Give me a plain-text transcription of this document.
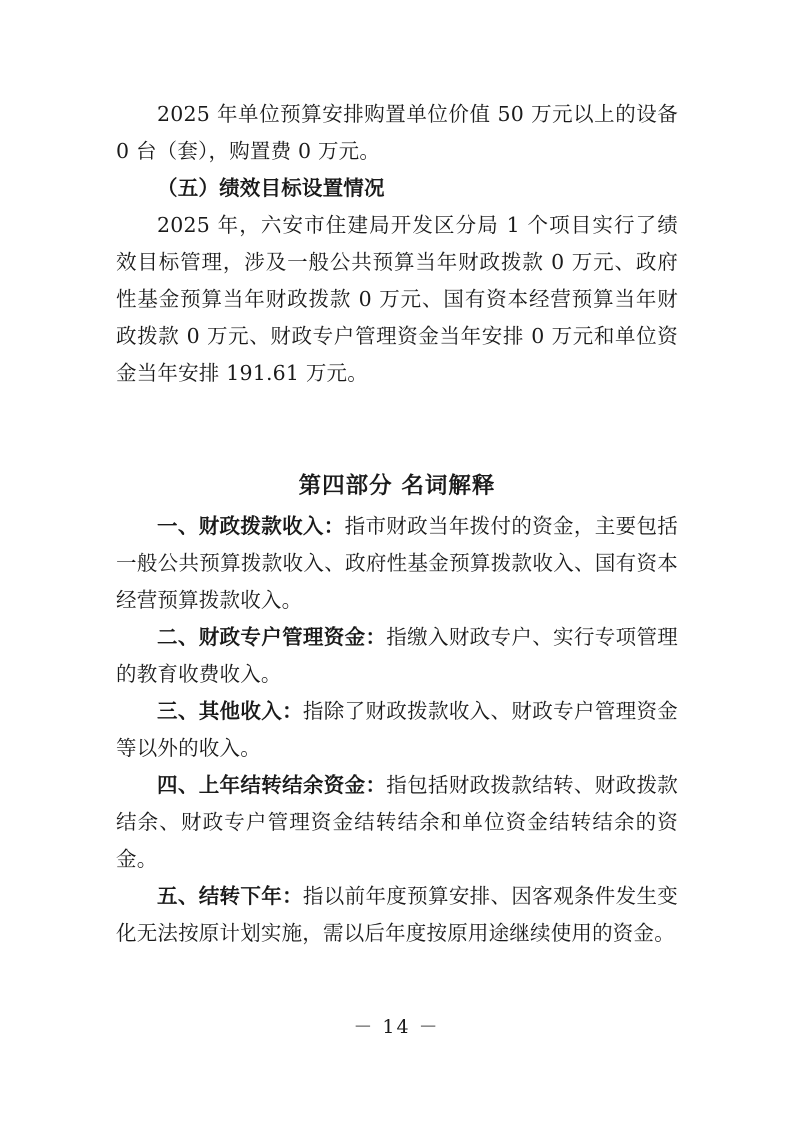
2025 年单位预算安排购置单位价值 50 万元以上的设备 0 台（套），购置费 0 万元。

（五）绩效目标设置情况

2025 年，六安市住建局开发区分局 1 个项目实行了绩效目标管理，涉及一般公共预算当年财政拨款 0 万元、政府性基金预算当年财政拨款 0 万元、国有资本经营预算当年财政拨款 0 万元、财政专户管理资金当年安排 0 万元和单位资金当年安排 191.61 万元。

第四部分 名词解释

一、财政拨款收入：指市财政当年拨付的资金，主要包括一般公共预算拨款收入、政府性基金预算拨款收入、国有资本经营预算拨款收入。

二、财政专户管理资金：指缴入财政专户、实行专项管理的教育收费收入。

三、其他收入：指除了财政拨款收入、财政专户管理资金等以外的收入。

四、上年结转结余资金：指包括财政拨款结转、财政拨款结余、财政专户管理资金结转结余和单位资金结转结余的资金。

五、结转下年：指以前年度预算安排、因客观条件发生变化无法按原计划实施，需以后年度按原用途继续使用的资金。

－ 14 －
